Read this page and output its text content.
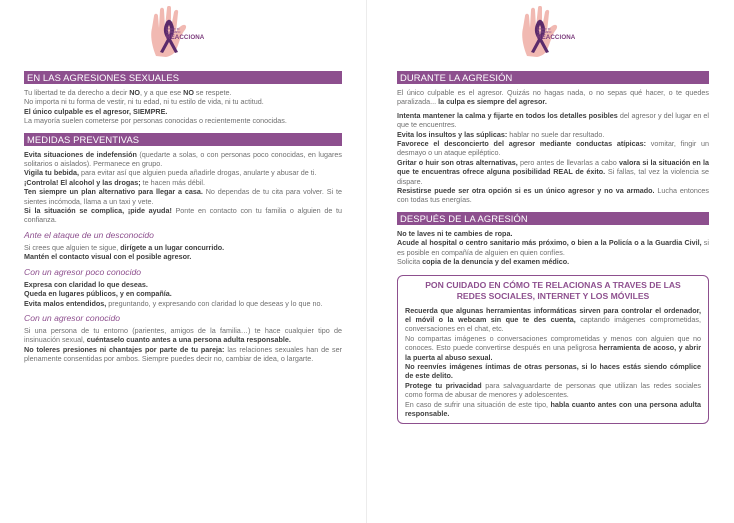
Desde el
Cotidiano
REACCIONA
EN LAS AGRESIONES SEXUALES

Tu libertad te da derecho a decir NO, y a que ese NO se respete.

No importa ni tu forma de vestir, ni tu edad, ni tu estilo de vida, ni tu actitud.

El único culpable es el agresor, SIEMPRE.

La mayoría suelen cometerse por personas conocidas o recientemente conocidas.

MEDIDAS PREVENTIVAS

Evita situaciones de indefensión (quedarte a solas, o con personas poco conocidas, en lugares solitarios o aislados). Permanece en grupo.

Vigila tu bebida, para evitar así que alguien pueda añadirle drogas, anularte y abusar de ti.

¡Controla! El alcohol y las drogas; te hacen más débil.

Ten siempre un plan alternativo para llegar a casa. No dependas de tu cita para volver. Si te sientes incómoda, llama a un taxi y vete.

Si la situación se complica, ¡pide ayuda! Ponte en contacto con tu familia o alguien de tu confianza.

Ante el ataque de un desconocido

Si crees que alguien te sigue, dirígete a un lugar concurrido.

Mantén el contacto visual con el posible agresor.

Con un agresor poco conocido

Expresa con claridad lo que deseas.

Queda en lugares públicos, y en compañía.

Evita malos entendidos, preguntando, y expresando con claridad lo que deseas y lo que no.

Con un agresor conocido

Si una persona de tu entorno (parientes, amigos de la familia…) te hace cualquier tipo de insinuación sexual, cuéntaselo cuanto antes a una persona adulta responsable.

No toleres presiones ni chantajes por parte de tu pareja: las relaciones sexuales han de ser plenamente consentidas por ambos. Siempre puedes decir no, cambiar de idea, o largarte.

Desde el
Cotidiano
REACCIONA
DURANTE LA AGRESIÓN

El único culpable es el agresor. Quizás no hagas nada, o no sepas qué hacer, o te quedes paralizada... la culpa es siempre del agresor.

Intenta mantener la calma y fijarte en todos los detalles posibles del agresor y del lugar en el que te encuentres.

Evita los insultos y las súplicas: hablar no suele dar resultado.

Favorece el desconcierto del agresor mediante conductas atípicas: vomitar, fingir un desmayo o un ataque epiléptico.

Gritar o huir son otras alternativas, pero antes de llevarlas a cabo valora si la situación en la que te encuentras ofrece alguna posibilidad REAL de éxito. Si fallas, tal vez la violencia se dispare.

Resistirse puede ser otra opción si es un único agresor y no va armado. Lucha entonces con todas tus energías.

DESPUÉS DE LA AGRESIÓN

No te laves ni te cambies de ropa.

Acude al hospital o centro sanitario más próximo, o bien a la Policía o a la Guardia Civil, si es posible en compañía de alguien en quien confíes.

Solicita copia de la denuncia y del examen médico.

PON CUIDADO EN CÓMO TE RELACIONAS A TRAVES DE LAS
REDES SOCIALES, INTERNET Y LOS MÓVILES

Recuerda que algunas herramientas informáticas sirven para controlar el ordenador, el móvil o la webcam sin que te des cuenta, captando imágenes comprometidas, conversaciones en el chat, etc.

No compartas imágenes o conversaciones comprometidas y menos con alguien que no conoces. Esto puede convertirse después en una peligrosa herramienta de acoso, y abrir la puerta al abuso sexual.

No reenvíes imágenes íntimas de otras personas, si lo haces estás siendo cómplice de este delito.

Protege tu privacidad para salvaguardarte de personas que utilizan las redes sociales como forma de abusar de menores y adolescentes.

En caso de sufrir una situación de este tipo, habla cuanto antes con una persona adulta responsable.
